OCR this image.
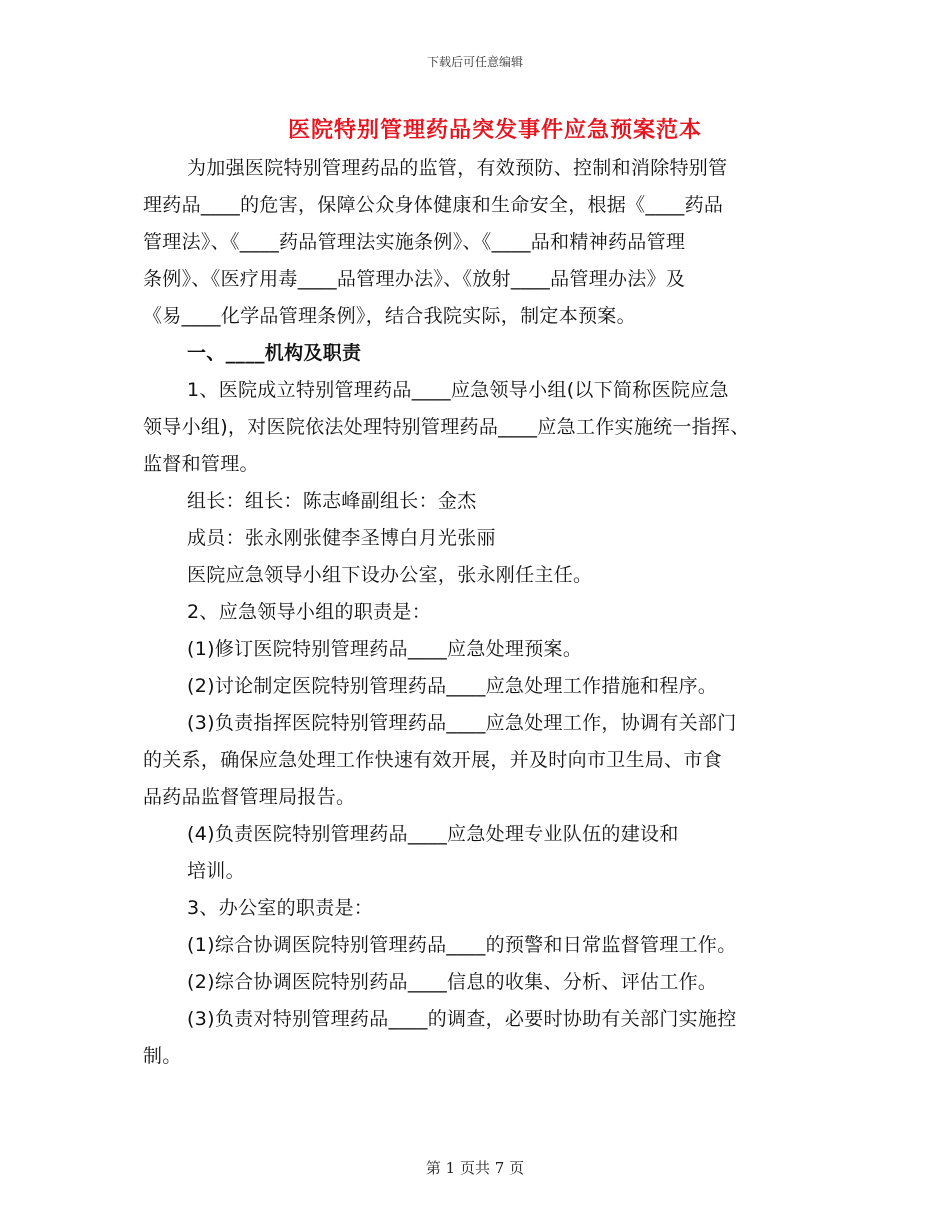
下载后可任意编辑
医院特别管理药品突发事件应急预案范本

为加强医院特别管理药品的监管，有效预防、控制和消除特别管

理药品____的危害，保障公众身体健康和生命安全，根据《____药品

管理法》、《____药品管理法实施条例》、《____品和精神药品管理

条例》、《医疗用毒____品管理办法》、《放射____品管理办法》及

《易____化学品管理条例》，结合我院实际，制定本预案。

一、____机构及职责

1、医院成立特别管理药品____应急领导小组(以下简称医院应急

领导小组)，对医院依法处理特别管理药品____应急工作实施统一指挥、

监督和管理。

组长：组长：陈志峰副组长：金杰

成员：张永刚张健李圣博白月光张丽

医院应急领导小组下设办公室，张永刚任主任。

2、应急领导小组的职责是：

(1)修订医院特别管理药品____应急处理预案。

(2)讨论制定医院特别管理药品____应急处理工作措施和程序。

(3)负责指挥医院特别管理药品____应急处理工作，协调有关部门

的关系，确保应急处理工作快速有效开展，并及时向市卫生局、市食

品药品监督管理局报告。

(4)负责医院特别管理药品____应急处理专业队伍的建设和

培训。

3、办公室的职责是：

(1)综合协调医院特别管理药品____的预警和日常监督管理工作。

(2)综合协调医院特别药品____信息的收集、分析、评估工作。

(3)负责对特别管理药品____的调查，必要时协助有关部门实施控

制。

第 1 页共 7 页
